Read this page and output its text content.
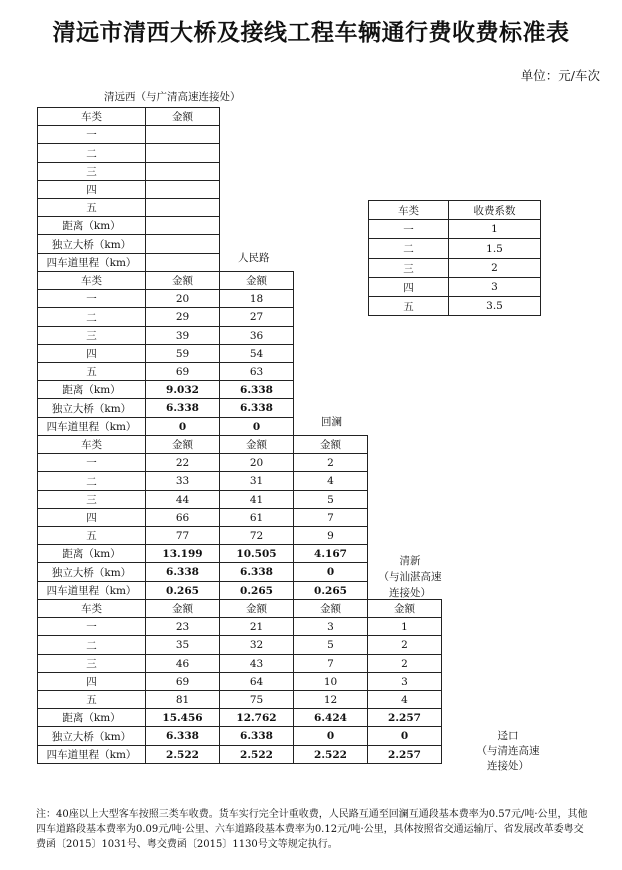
清远市清西大桥及接线工程车辆通行费收费标准表
单位：元/车次
清远西（与广清高速连接处）
人民路
回澜
清新
（与汕湛高速
连接处）
迳口
（与清连高速
连接处）
车类	金额
一
二
三
四
五
距离（km）
独立大桥（km）
四车道里程（km）
车类	金额	金额
一	20	18
二	29	27
三	39	36
四	59	54
五	69	63
距离（km）	9.032	6.338
独立大桥（km）	6.338	6.338
四车道里程（km）	0	0
车类	金额	金额	金额
一	22	20	2
二	33	31	4
三	44	41	5
四	66	61	7
五	77	72	9
距离（km）	13.199	10.505	4.167
独立大桥（km）	6.338	6.338	0
四车道里程（km）	0.265	0.265	0.265
车类	金额	金额	金额	金额
一	23	21	3	1
二	35	32	5	2
三	46	43	7	2
四	69	64	10	3
五	81	75	12	4
距离（km）	15.456	12.762	6.424	2.257
独立大桥（km）	6.338	6.338	0	0
四车道里程（km）	2.522	2.522	2.522	2.257
车类	收费系数
一	1
二	1.5
三	2
四	3
五	3.5
注：40座以上大型客车按照三类车收费。货车实行完全计重收费，人民路互通至回澜互通段基本费率为0.57元/吨·公里，其他四车道路段基本费率为0.09元/吨·公里、六车道路段基本费率为0.12元/吨·公里，具体按照省交通运输厅、省发展改革委粤交费函〔2015〕1031号、粤交费函〔2015〕1130号文等规定执行。
